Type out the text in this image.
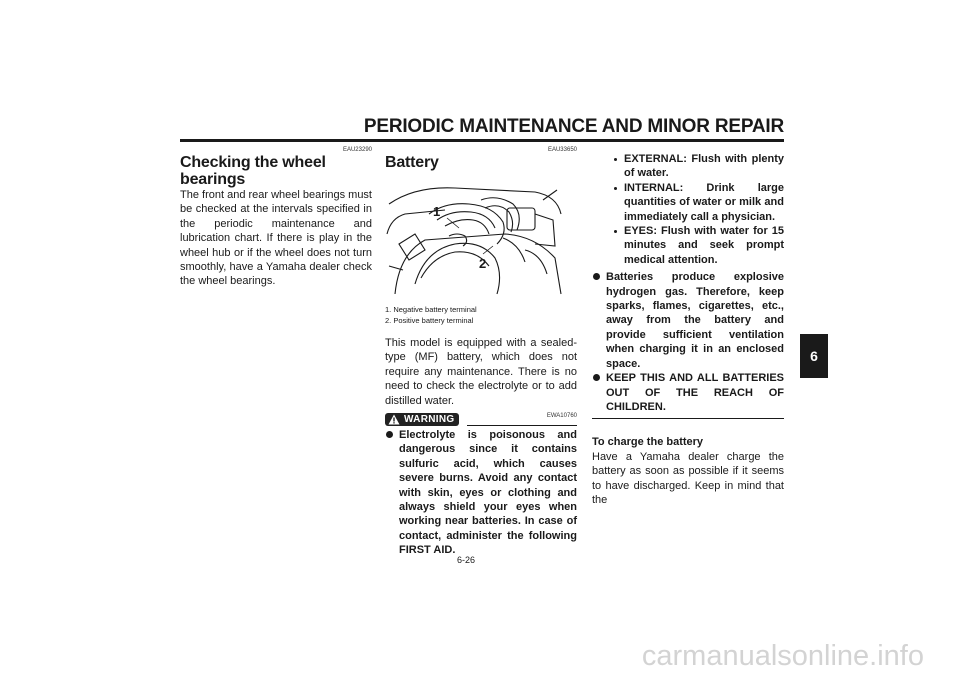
PERIODIC MAINTENANCE AND MINOR REPAIR
6
EAU23290
Checking the wheel bearings

The front and rear wheel bearings must be checked at the intervals specified in the periodic maintenance and lubrication chart. If there is play in the wheel hub or if the wheel does not turn smoothly, have a Yamaha dealer check the wheel bearings.

EAU33650
Battery
1
2
1. Negative battery terminal
2. Positive battery terminal

This model is equipped with a sealed-type (MF) battery, which does not require any maintenance. There is no need to check the electrolyte or to add distilled water.

WARNING	EWA10760

Electrolyte is poisonous and dangerous since it contains sulfuric acid, which causes severe burns. Avoid any contact with skin, eyes or clothing and always shield your eyes when working near batteries. In case of contact, administer the following FIRST AID.

EXTERNAL: Flush with plenty of water.
INTERNAL: Drink large quantities of water or milk and immediately call a physician.
EYES: Flush with water for 15 minutes and seek prompt medical attention.

Batteries produce explosive hydrogen gas. Therefore, keep sparks, flames, cigarettes, etc., away from the battery and provide sufficient ventilation when charging it in an enclosed space.

KEEP THIS AND ALL BATTERIES OUT OF THE REACH OF CHILDREN.

To charge the battery

Have a Yamaha dealer charge the battery as soon as possible if it seems to have discharged. Keep in mind that the

6-26
carmanualsonline.info
